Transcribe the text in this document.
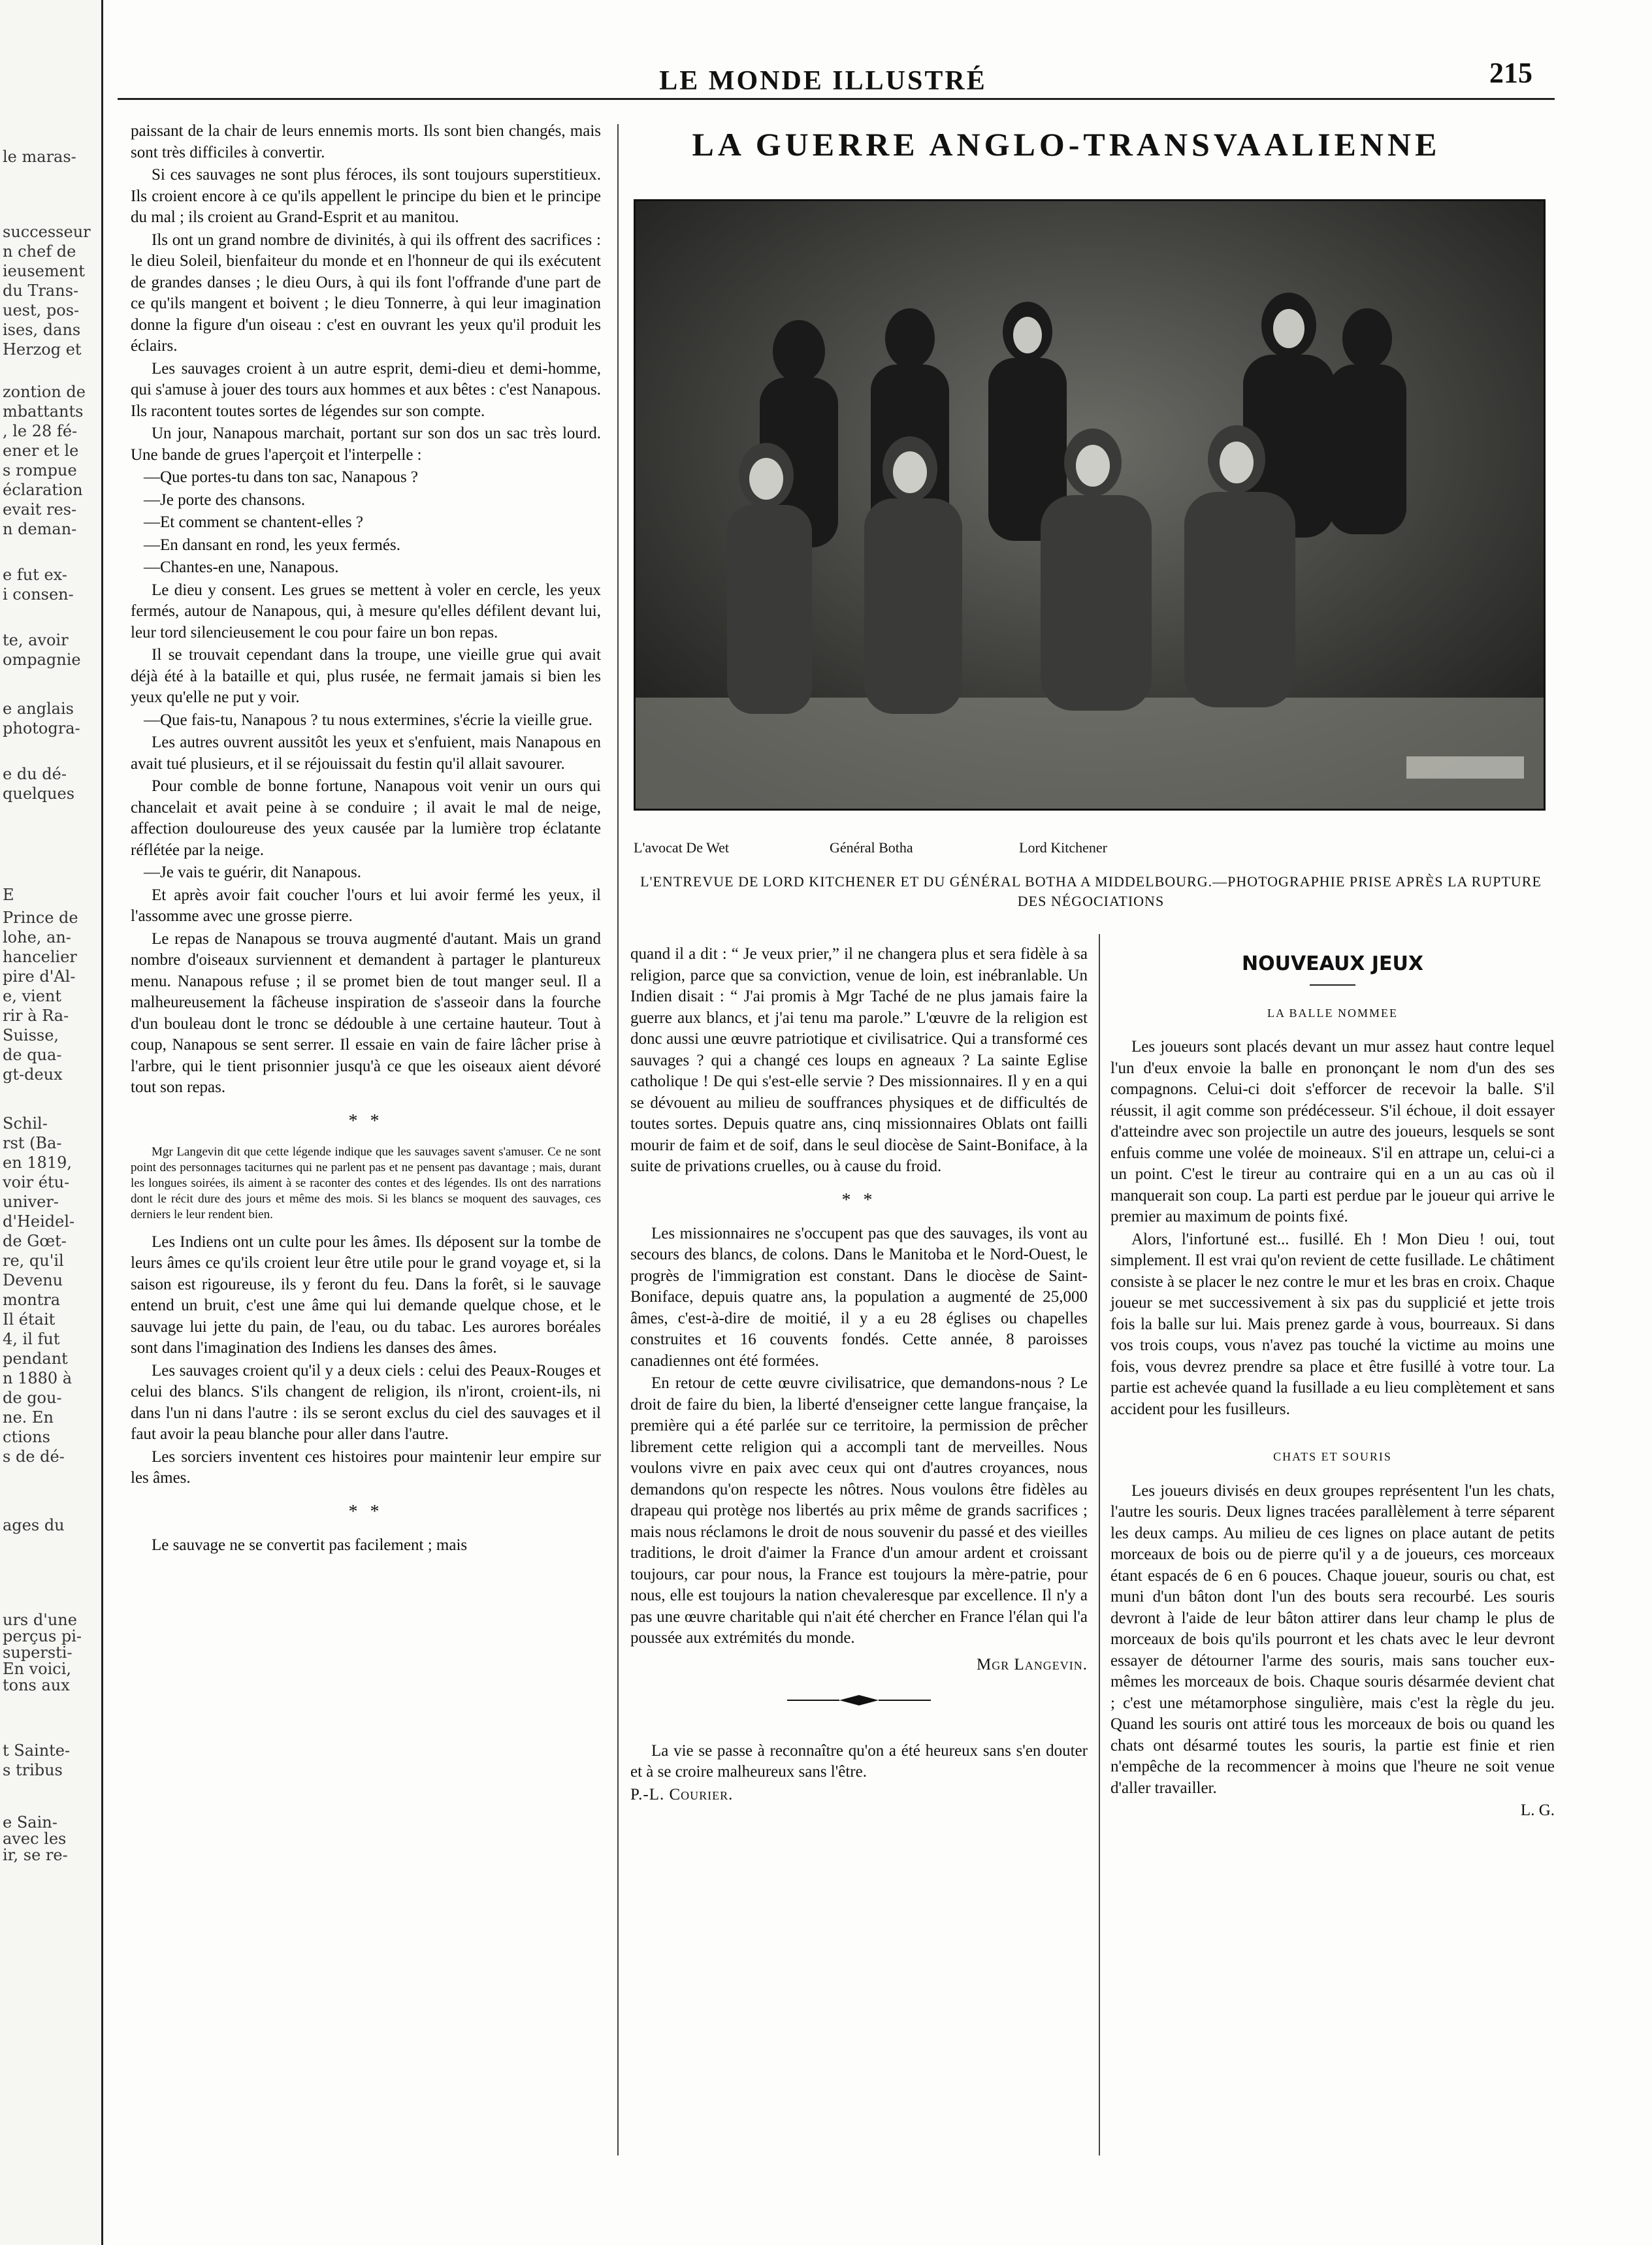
le maras-
successeur
n chef de
ieusement
du Trans-
uest, pos-
ises, dans
Herzog et
zontion de
mbattants
, le 28 fé-
ener et le
s rompue
éclaration
evait res-
n deman-
e fut ex-
i consen-
te, avoir
ompagnie
e anglais
photogra-
e du dé-
quelques
E
Prince de
lohe, an-
hancelier
pire d'Al-
e, vient
rir à Ra-
Suisse,
de qua-
gt-deux
Schil-
rst (Ba-
en 1819,
voir étu-
univer-
d'Heidel-
de Gœt-
re, qu'il
Devenu
montra
Il était
4, il fut
pendant
n 1880 à
de gou-
ne. En
ctions
s de dé-
ages du
urs d'une
perçus pi-
supersti-
En voici,
tons aux
t Sainte-
s tribus
e Sain-
avec les
ir, se re-
LE MONDE ILLUSTRÉ	215

paissant de la chair de leurs ennemis morts. Ils sont bien changés, mais sont très difficiles à convertir.

Si ces sauvages ne sont plus féroces, ils sont toujours superstitieux. Ils croient encore à ce qu'ils appellent le principe du bien et le principe du mal ; ils croient au Grand-Esprit et au manitou.

Ils ont un grand nombre de divinités, à qui ils offrent des sacrifices : le dieu Soleil, bienfaiteur du monde et en l'honneur de qui ils exécutent de grandes danses ; le dieu Ours, à qui ils font l'offrande d'une part de ce qu'ils mangent et boivent ; le dieu Tonnerre, à qui leur imagination donne la figure d'un oiseau : c'est en ouvrant les yeux qu'il produit les éclairs.

Les sauvages croient à un autre esprit, demi-dieu et demi-homme, qui s'amuse à jouer des tours aux hommes et aux bêtes : c'est Nanapous. Ils racontent toutes sortes de légendes sur son compte.

Un jour, Nanapous marchait, portant sur son dos un sac très lourd. Une bande de grues l'aperçoit et l'interpelle :

—Que portes-tu dans ton sac, Nanapous ?

—Je porte des chansons.

—Et comment se chantent-elles ?

—En dansant en rond, les yeux fermés.

—Chantes-en une, Nanapous.

Le dieu y consent. Les grues se mettent à voler en cercle, les yeux fermés, autour de Nanapous, qui, à mesure qu'elles défilent devant lui, leur tord silencieusement le cou pour faire un bon repas.

Il se trouvait cependant dans la troupe, une vieille grue qui avait déjà été à la bataille et qui, plus rusée, ne fermait jamais si bien les yeux qu'elle ne put y voir.

—Que fais-tu, Nanapous ? tu nous extermines, s'écrie la vieille grue.

Les autres ouvrent aussitôt les yeux et s'enfuient, mais Nanapous en avait tué plusieurs, et il se réjouissait du festin qu'il allait savourer.

Pour comble de bonne fortune, Nanapous voit venir un ours qui chancelait et avait peine à se conduire ; il avait le mal de neige, affection douloureuse des yeux causée par la lumière trop éclatante réflétée par la neige.

—Je vais te guérir, dit Nanapous.

Et après avoir fait coucher l'ours et lui avoir fermé les yeux, il l'assomme avec une grosse pierre.

Le repas de Nanapous se trouva augmenté d'autant. Mais un grand nombre d'oiseaux surviennent et demandent à partager le plantureux menu. Nanapous refuse ; il se promet bien de tout manger seul. Il a malheureusement la fâcheuse inspiration de s'asseoir dans la fourche d'un bouleau dont le tronc se dédouble à une certaine hauteur. Tout à coup, Nanapous se sent serrer. Il essaie en vain de faire lâcher prise à l'arbre, qui le tient prisonnier jusqu'à ce que les oiseaux aient dévoré tout son repas.

* *

Mgr Langevin dit que cette légende indique que les sauvages savent s'amuser. Ce ne sont point des personnages taciturnes qui ne parlent pas et ne pensent pas davantage ; mais, durant les longues soirées, ils aiment à se raconter des contes et des légendes. Ils ont des narrations dont le récit dure des jours et même des mois. Si les blancs se moquent des sauvages, ces derniers le leur rendent bien.

Les Indiens ont un culte pour les âmes. Ils déposent sur la tombe de leurs âmes ce qu'ils croient leur être utile pour le grand voyage et, si la saison est rigoureuse, ils y feront du feu. Dans la forêt, si le sauvage entend un bruit, c'est une âme qui lui demande quelque chose, et le sauvage lui jette du pain, de l'eau, ou du tabac. Les aurores boréales sont dans l'imagination des Indiens les danses des âmes.

Les sauvages croient qu'il y a deux ciels : celui des Peaux-Rouges et celui des blancs. S'ils changent de religion, ils n'iront, croient-ils, ni dans l'un ni dans l'autre : ils se seront exclus du ciel des sauvages et il faut avoir la peau blanche pour aller dans l'autre.

Les sorciers inventent ces histoires pour maintenir leur empire sur les âmes.

* *

Le sauvage ne se convertit pas facilement ; mais

LA GUERRE ANGLO-TRANSVAALIENNE
L'avocat De Wet	Général Botha	Lord Kitchener
L'ENTREVUE DE LORD KITCHENER ET DU GÉNÉRAL BOTHA A MIDDELBOURG.—PHOTOGRAPHIE PRISE APRÈS LA RUPTURE DES NÉGOCIATIONS

quand il a dit : “ Je veux prier,” il ne changera plus et sera fidèle à sa religion, parce que sa conviction, venue de loin, est inébranlable. Un Indien disait : “ J'ai promis à Mgr Taché de ne plus jamais faire la guerre aux blancs, et j'ai tenu ma parole.” L'œuvre de la religion est donc aussi une œuvre patriotique et civilisatrice. Qui a transformé ces sauvages ? qui a changé ces loups en agneaux ? La sainte Eglise catholique ! De qui s'est-elle servie ? Des missionnaires. Il y en a qui se dévouent au milieu de souffrances physiques et de difficultés de toutes sortes. Depuis quatre ans, cinq missionnaires Oblats ont failli mourir de faim et de soif, dans le seul diocèse de Saint-Boniface, à la suite de privations cruelles, ou à cause du froid.

* *

Les missionnaires ne s'occupent pas que des sauvages, ils vont au secours des blancs, de colons. Dans le Manitoba et le Nord-Ouest, le progrès de l'immigration est constant. Dans le diocèse de Saint-Boniface, depuis quatre ans, la population a augmenté de 25,000 âmes, c'est-à-dire de moitié, il y a eu 28 églises ou chapelles construites et 16 couvents fondés. Cette année, 8 paroisses canadiennes ont été formées.

En retour de cette œuvre civilisatrice, que demandons-nous ? Le droit de faire du bien, la liberté d'enseigner cette langue française, la première qui a été parlée sur ce territoire, la permission de prêcher librement cette religion qui a accompli tant de merveilles. Nous voulons vivre en paix avec ceux qui ont d'autres croyances, nous demandons qu'on respecte les nôtres. Nous voulons être fidèles au drapeau qui protège nos libertés au prix même de grands sacrifices ; mais nous réclamons le droit de nous souvenir du passé et des vieilles traditions, le droit d'aimer la France d'un amour ardent et croissant toujours, car pour nous, la France est toujours la mère-patrie, pour nous, elle est toujours la nation chevaleresque par excellence. Il n'y a pas une œuvre charitable qui n'ait été chercher en France l'élan qui l'a poussée aux extrémités du monde.

Mgr Langevin.

La vie se passe à reconnaître qu'on a été heureux sans s'en douter et à se croire malheureux sans l'être.

P.-L. Courier.

NOUVEAUX JEUX
LA BALLE NOMMEE

Les joueurs sont placés devant un mur assez haut contre lequel l'un d'eux envoie la balle en prononçant le nom d'un des ses compagnons. Celui-ci doit s'efforcer de recevoir la balle. S'il réussit, il agit comme son prédécesseur. S'il échoue, il doit essayer d'atteindre avec son projectile un autre des joueurs, lesquels se sont enfuis comme une volée de moineaux. S'il en attrape un, celui-ci a un point. C'est le tireur au contraire qui en a un au cas où il manquerait son coup. La parti est perdue par le joueur qui arrive le premier au maximum de points fixé.

Alors, l'infortuné est... fusillé. Eh ! Mon Dieu ! oui, tout simplement. Il est vrai qu'on revient de cette fusillade. Le châtiment consiste à se placer le nez contre le mur et les bras en croix. Chaque joueur se met successivement à six pas du supplicié et jette trois fois la balle sur lui. Mais prenez garde à vous, bourreaux. Si dans vos trois coups, vous n'avez pas touché la victime au moins une fois, vous devrez prendre sa place et être fusillé à votre tour. La partie est achevée quand la fusillade a eu lieu complètement et sans accident pour les fusilleurs.

CHATS ET SOURIS

Les joueurs divisés en deux groupes représentent l'un les chats, l'autre les souris. Deux lignes tracées parallèlement à terre séparent les deux camps. Au milieu de ces lignes on place autant de petits morceaux de bois ou de pierre qu'il y a de joueurs, ces morceaux étant espacés de 6 en 6 pouces. Chaque joueur, souris ou chat, est muni d'un bâton dont l'un des bouts sera recourbé. Les souris devront à l'aide de leur bâton attirer dans leur champ le plus de morceaux de bois qu'ils pourront et les chats avec le leur devront essayer de détourner l'arme des souris, mais sans toucher eux-mêmes les morceaux de bois. Chaque souris désarmée devient chat ; c'est une métamorphose singulière, mais c'est la règle du jeu. Quand les souris ont attiré tous les morceaux de bois ou quand les chats ont désarmé toutes les souris, la partie est finie et rien n'empêche de la recommencer à moins que l'heure ne soit venue d'aller travailler.

L. G.
